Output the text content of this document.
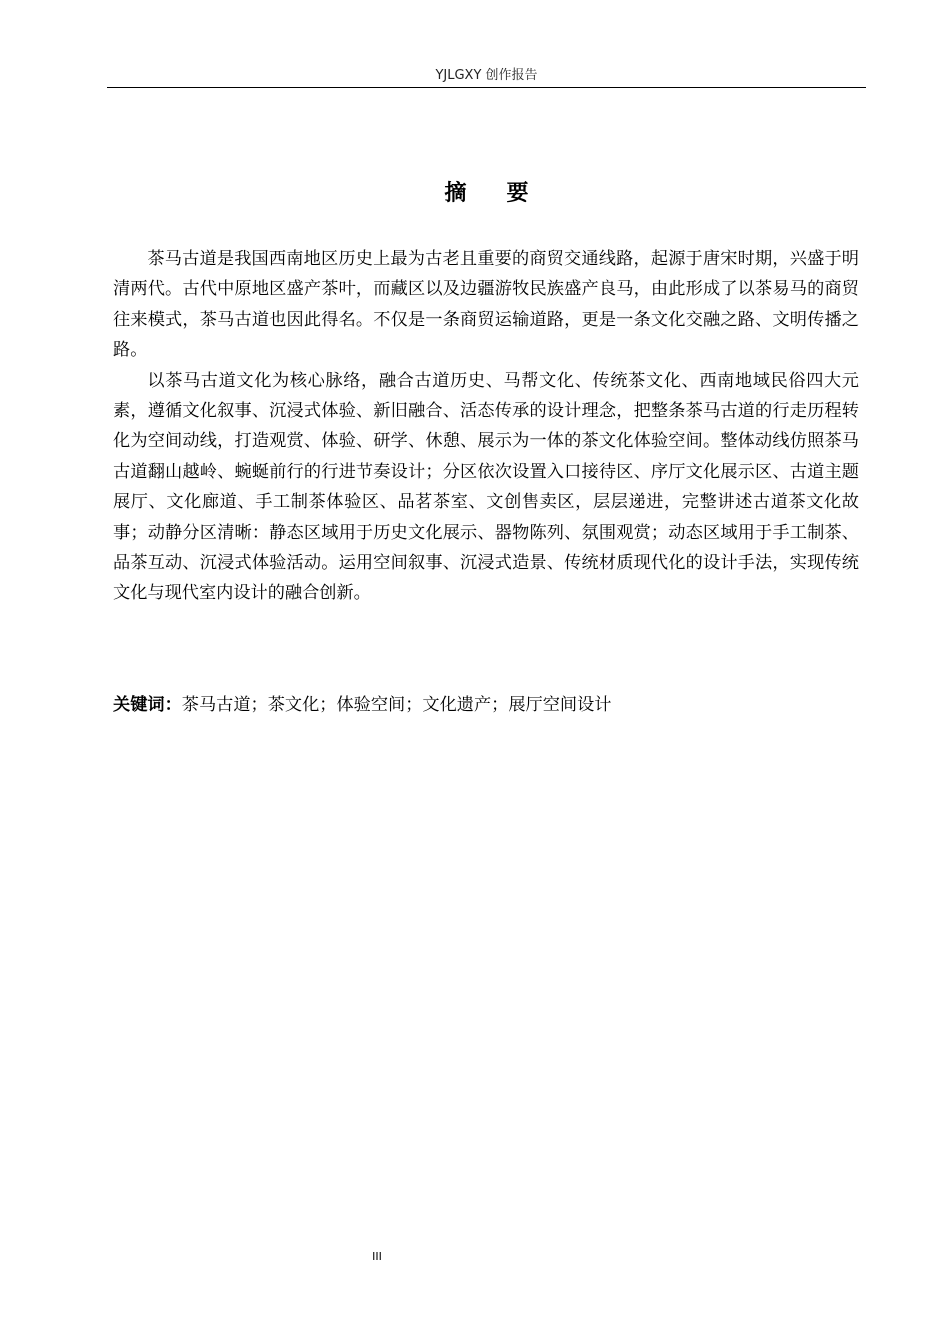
YJLGXY 创作报告
摘要

茶马古道是我国西南地区历史上最为古老且重要的商贸交通线路，起源于唐宋时期，兴盛于明清两代。古代中原地区盛产茶叶，而藏区以及边疆游牧民族盛产良马，由此形成了以茶易马的商贸往来模式，茶马古道也因此得名。不仅是一条商贸运输道路，更是一条文化交融之路、文明传播之路。

以茶马古道文化为核心脉络，融合古道历史、马帮文化、传统茶文化、西南地域民俗四大元素，遵循文化叙事、沉浸式体验、新旧融合、活态传承的设计理念，把整条茶马古道的行走历程转化为空间动线，打造观赏、体验、研学、休憩、展示为一体的茶文化体验空间。整体动线仿照茶马古道翻山越岭、蜿蜒前行的行进节奏设计；分区依次设置入口接待区、序厅文化展示区、古道主题展厅、文化廊道、手工制茶体验区、品茗茶室、文创售卖区，层层递进，完整讲述古道茶文化故事；动静分区清晰：静态区域用于历史文化展示、器物陈列、氛围观赏；动态区域用于手工制茶、品茶互动、沉浸式体验活动。运用空间叙事、沉浸式造景、传统材质现代化的设计手法，实现传统文化与现代室内设计的融合创新。

关键词：茶马古道；茶文化；体验空间；文化遗产；展厅空间设计
III
